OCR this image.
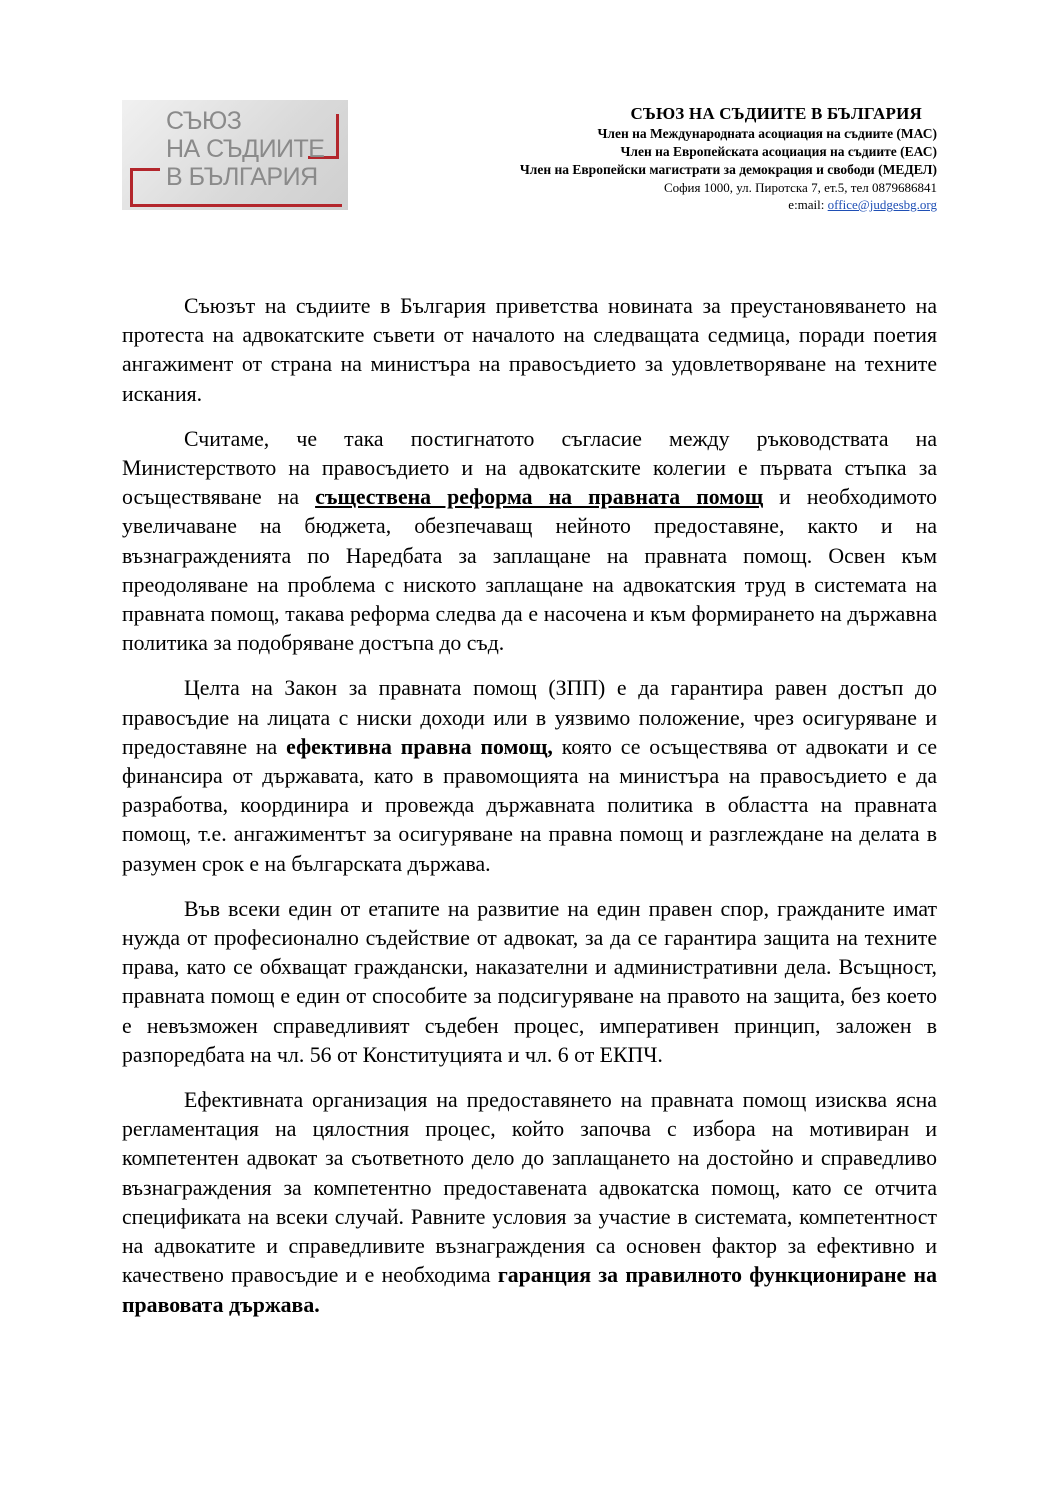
СЪЮЗ
НА СЪДИИТЕ
В БЪЛГАРИЯ
СЪЮЗ НА СЪДИИТЕ В БЪЛГАРИЯ
Член на Международната асоциация на съдиите (МАС)
Член на Европейската асоциация на съдиите (ЕАС)
Член на Европейски магистрати за демокрация и свободи (МЕДЕЛ)
София 1000, ул. Пиротска 7, ет.5, тел 0879686841
e:mail: office@judgesbg.org

Съюзът на съдиите в България приветства новината за преустановяването на протеста на адвокатските съвети от началото на следващата седмица, поради поетия ангажимент от страна на министъра на правосъдието за удовлетворяване на техните искания.

Считаме, че така постигнатото съгласие между ръководствата на Министерството на правосъдието и на адвокатските колегии е първата стъпка за осъществяване на съществена реформа на правната помощ и необходимото увеличаване на бюджета, обезпечаващ нейното предоставяне, както и на възнагражденията по Наредбата за заплащане на правната помощ. Освен към преодоляване на проблема с ниското заплащане на адвокатския труд в системата на правната помощ, такава реформа следва да е насочена и към формирането на държавна политика за подобряване достъпа до съд.

Целта на Закон за правната помощ (ЗПП) е да гарантира равен достъп до правосъдие на лицата с ниски доходи или в уязвимо положение, чрез осигуряване и предоставяне на ефективна правна помощ, която се осъществява от адвокати и се финансира от държавата, като в правомощията на министъра на правосъдието е да разработва, координира и провежда държавната политика в областта на правната помощ, т.е. ангажиментът за осигуряване на правна помощ и разглеждане на делата в разумен срок е на българската държава.

Във всеки един от етапите на развитие на един правен спор, гражданите имат нужда от професионално съдействие от адвокат, за да се гарантира защита на техните права, като се обхващат граждански, наказателни и административни дела. Всъщност, правната помощ е един от способите за подсигуряване на правото на защита, без което е невъзможен справедливият съдебен процес, императивен принцип, заложен в разпоредбата на чл. 56 от Конституцията и чл. 6 от ЕКПЧ.

Ефективната организация на предоставянето на правната помощ изисква ясна регламентация на цялостния процес, който започва с избора на мотивиран и компетентен адвокат за съответното дело до заплащането на достойно и справедливо възнаграждения за компетентно предоставената адвокатска помощ, като се отчита спецификата на всеки случай. Равните условия за участие в системата, компетентност на адвокатите и справедливите възнаграждения са основен фактор за ефективно и качествено правосъдие и е необходима гаранция за правилното функциониране на правовата държава.
